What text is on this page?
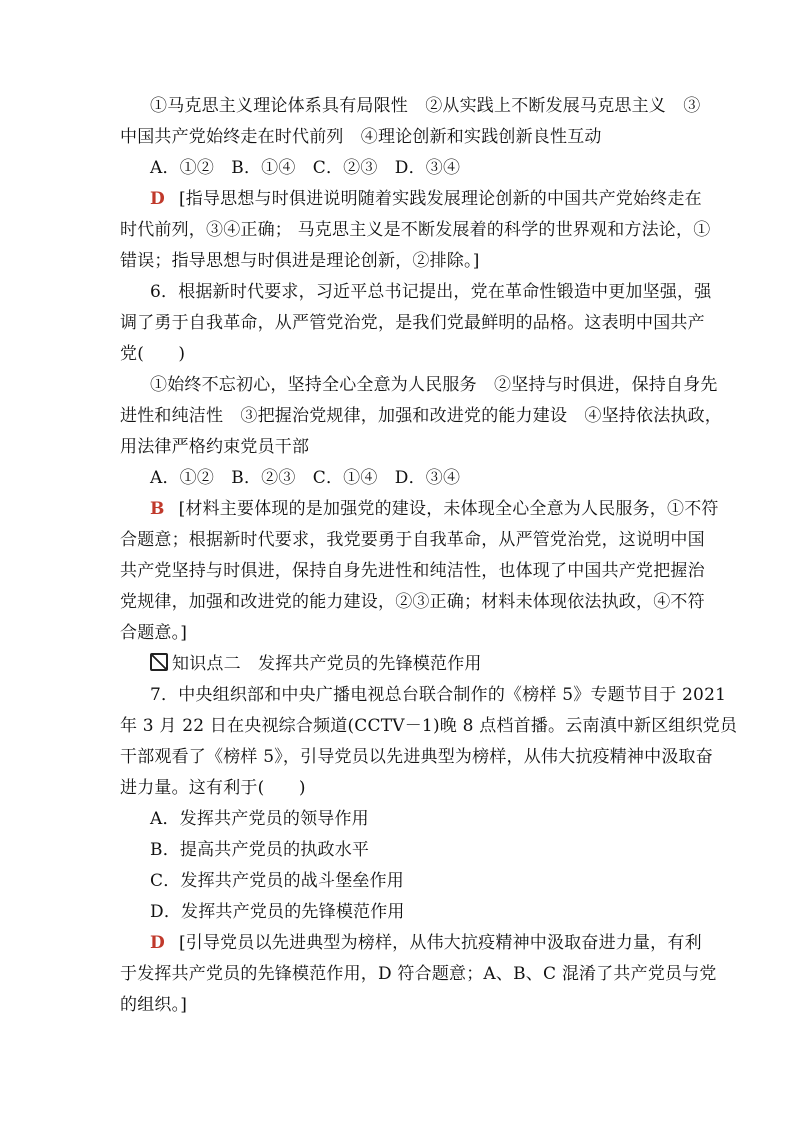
①马克思主义理论体系具有局限性　②从实践上不断发展马克思主义　③
中国共产党始终走在时代前列　④理论创新和实践创新良性互动
A．①②　B．①④　C．②③　D．③④
D [指导思想与时俱进说明随着实践发展理论创新的中国共产党始终走在
时代前列，③④正确； 马克思主义是不断发展着的科学的世界观和方法论，①
错误；指导思想与时俱进是理论创新，②排除。]
6．根据新时代要求，习近平总书记提出，党在革命性锻造中更加坚强，强
调了勇于自我革命，从严管党治党，是我们党最鲜明的品格。这表明中国共产
党(　　)
①始终不忘初心，坚持全心全意为人民服务　②坚持与时俱进，保持自身先
进性和纯洁性　③把握治党规律，加强和改进党的能力建设　④坚持依法执政，
用法律严格约束党员干部
A．①②　B．②③　C．①④　D．③④
B [材料主要体现的是加强党的建设，未体现全心全意为人民服务，①不符
合题意；根据新时代要求，我党要勇于自我革命，从严管党治党，这说明中国
共产党坚持与时俱进，保持自身先进性和纯洁性，也体现了中国共产党把握治
党规律，加强和改进党的能力建设，②③正确；材料未体现依法执政，④不符
合题意。]
知识点二　发挥共产党员的先锋模范作用
7．中央组织部和中央广播电视总台联合制作的《榜样 5》专题节目于 2021
年 3 月 22 日在央视综合频道(CCTV－1)晚 8 点档首播。云南滇中新区组织党员
干部观看了《榜样 5》，引导党员以先进典型为榜样，从伟大抗疫精神中汲取奋
进力量。这有利于(　　)
A．发挥共产党员的领导作用
B．提高共产党员的执政水平
C．发挥共产党员的战斗堡垒作用
D．发挥共产党员的先锋模范作用
D [引导党员以先进典型为榜样，从伟大抗疫精神中汲取奋进力量，有利
于发挥共产党员的先锋模范作用，D 符合题意；A、B、C 混淆了共产党员与党
的组织。]
